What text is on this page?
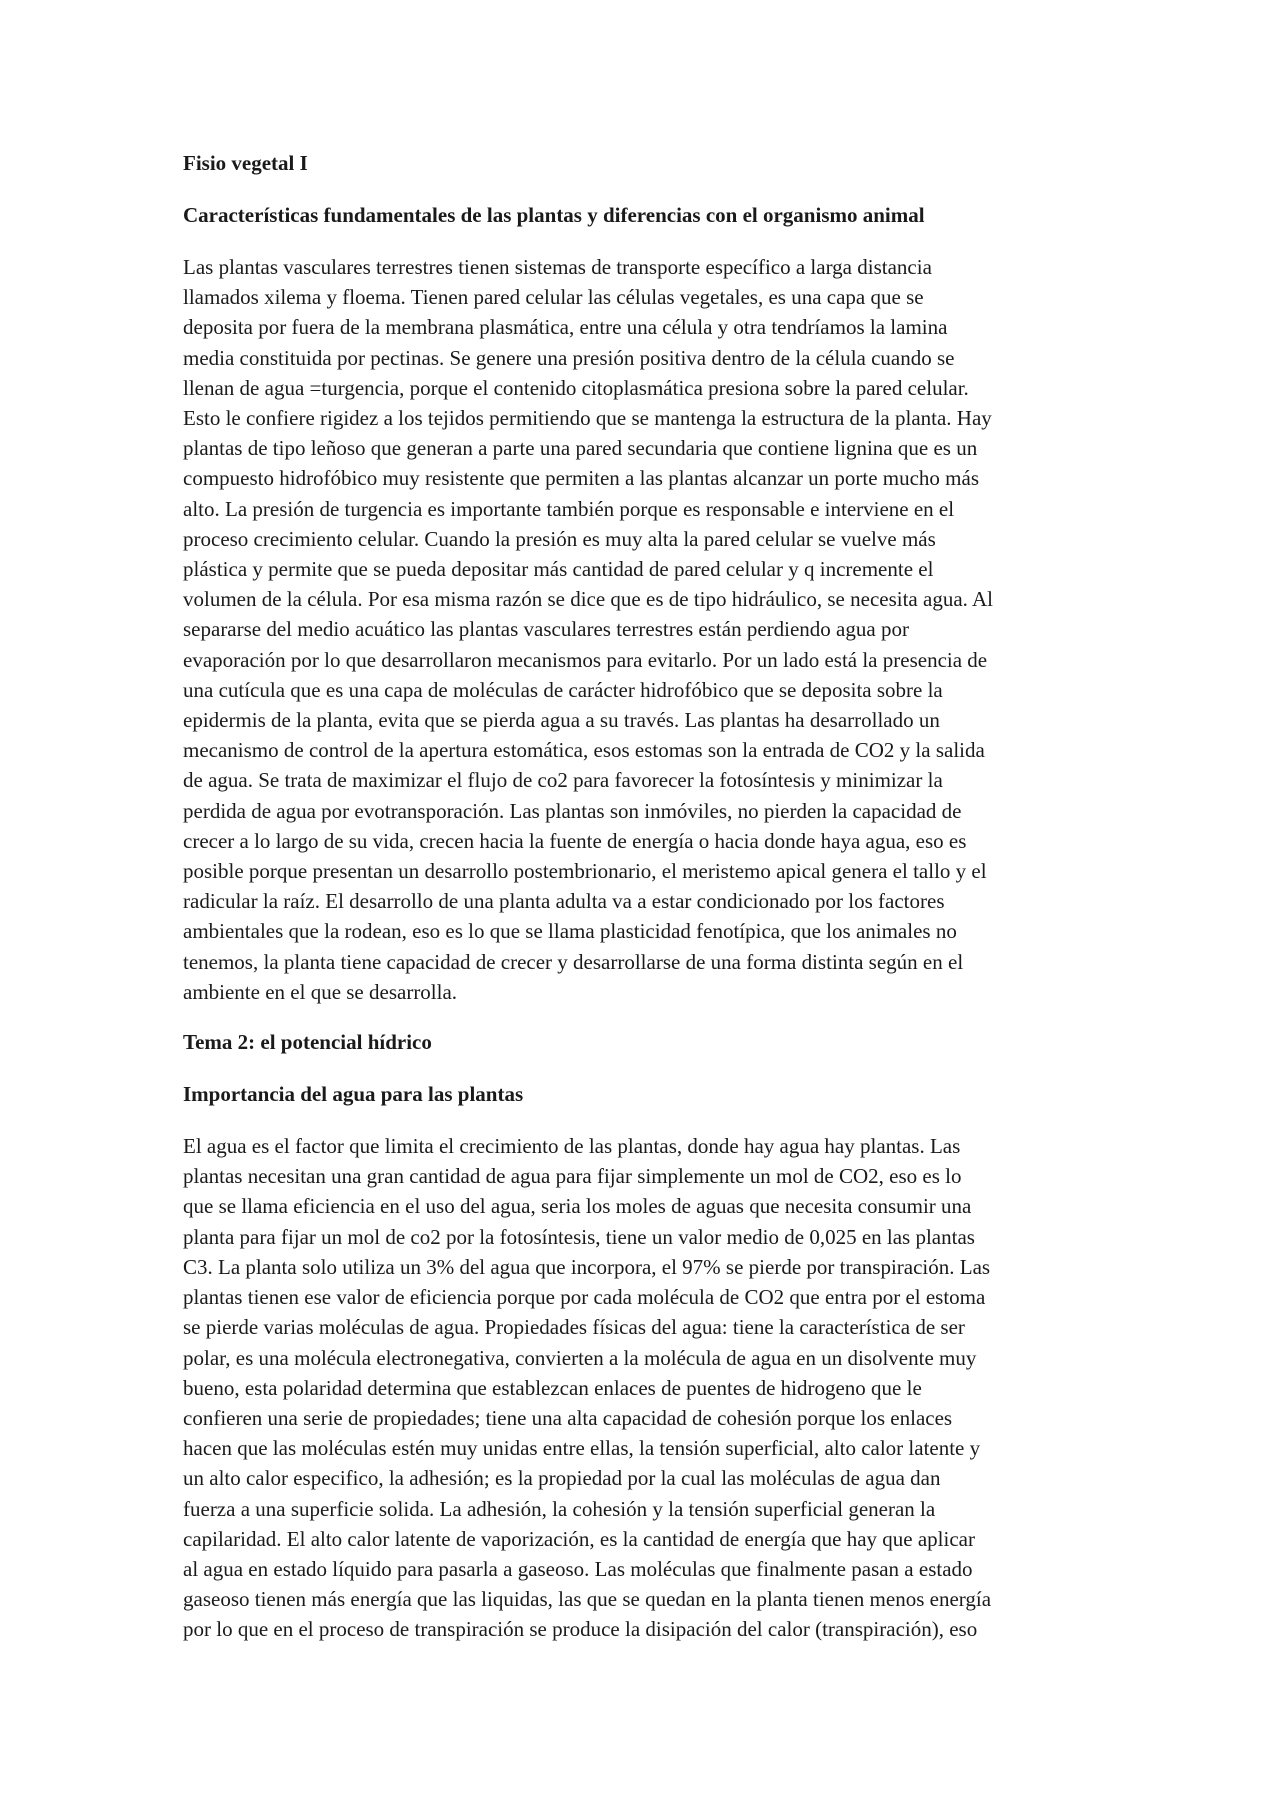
Fisio vegetal I

Características fundamentales de las plantas y diferencias con el organismo animal

Las plantas vasculares terrestres tienen sistemas de transporte específico a larga distancia
llamados xilema y floema. Tienen pared celular las células vegetales, es una capa que se
deposita por fuera de la membrana plasmática, entre una célula y otra tendríamos la lamina
media constituida por pectinas. Se genere una presión positiva dentro de la célula cuando se
llenan de agua =turgencia, porque el contenido citoplasmática presiona sobre la pared celular.
Esto le confiere rigidez a los tejidos permitiendo que se mantenga la estructura de la planta. Hay
plantas de tipo leñoso que generan a parte una pared secundaria que contiene lignina que es un
compuesto hidrofóbico muy resistente que permiten a las plantas alcanzar un porte mucho más
alto. La presión de turgencia es importante también porque es responsable e interviene en el
proceso crecimiento celular. Cuando la presión es muy alta la pared celular se vuelve más
plástica y permite que se pueda depositar más cantidad de pared celular y q incremente el
volumen de la célula. Por esa misma razón se dice que es de tipo hidráulico, se necesita agua. Al
separarse del medio acuático las plantas vasculares terrestres están perdiendo agua por
evaporación por lo que desarrollaron mecanismos para evitarlo. Por un lado está la presencia de
una cutícula que es una capa de moléculas de carácter hidrofóbico que se deposita sobre la
epidermis de la planta, evita que se pierda agua a su través. Las plantas ha desarrollado un
mecanismo de control de la apertura estomática, esos estomas son la entrada de CO2 y la salida
de agua. Se trata de maximizar el flujo de co2 para favorecer la fotosíntesis y minimizar la
perdida de agua por evotransporación. Las plantas son inmóviles, no pierden la capacidad de
crecer a lo largo de su vida, crecen hacia la fuente de energía o hacia donde haya agua, eso es
posible porque presentan un desarrollo postembrionario, el meristemo apical genera el tallo y el
radicular la raíz. El desarrollo de una planta adulta va a estar condicionado por los factores
ambientales que la rodean, eso es lo que se llama plasticidad fenotípica, que los animales no
tenemos, la planta tiene capacidad de crecer y desarrollarse de una forma distinta según en el
ambiente en el que se desarrolla.

Tema 2: el potencial hídrico

Importancia del agua para las plantas

El agua es el factor que limita el crecimiento de las plantas, donde hay agua hay plantas. Las
plantas necesitan una gran cantidad de agua para fijar simplemente un mol de CO2, eso es lo
que se llama eficiencia en el uso del agua, seria los moles de aguas que necesita consumir una
planta para fijar un mol de co2 por la fotosíntesis, tiene un valor medio de 0,025 en las plantas
C3. La planta solo utiliza un 3% del agua que incorpora, el 97% se pierde por transpiración. Las
plantas tienen ese valor de eficiencia porque por cada molécula de CO2 que entra por el estoma
se pierde varias moléculas de agua. Propiedades físicas del agua: tiene la característica de ser
polar, es una molécula electronegativa, convierten a la molécula de agua en un disolvente muy
bueno, esta polaridad determina que establezcan enlaces de puentes de hidrogeno que le
confieren una serie de propiedades; tiene una alta capacidad de cohesión porque los enlaces
hacen que las moléculas estén muy unidas entre ellas, la tensión superficial, alto calor latente y
un alto calor especifico, la adhesión; es la propiedad por la cual las moléculas de agua dan
fuerza a una superficie solida. La adhesión, la cohesión y la tensión superficial generan la
capilaridad. El alto calor latente de vaporización, es la cantidad de energía que hay que aplicar
al agua en estado líquido para pasarla a gaseoso. Las moléculas que finalmente pasan a estado
gaseoso tienen más energía que las liquidas, las que se quedan en la planta tienen menos energía
por lo que en el proceso de transpiración se produce la disipación del calor (transpiración), eso
